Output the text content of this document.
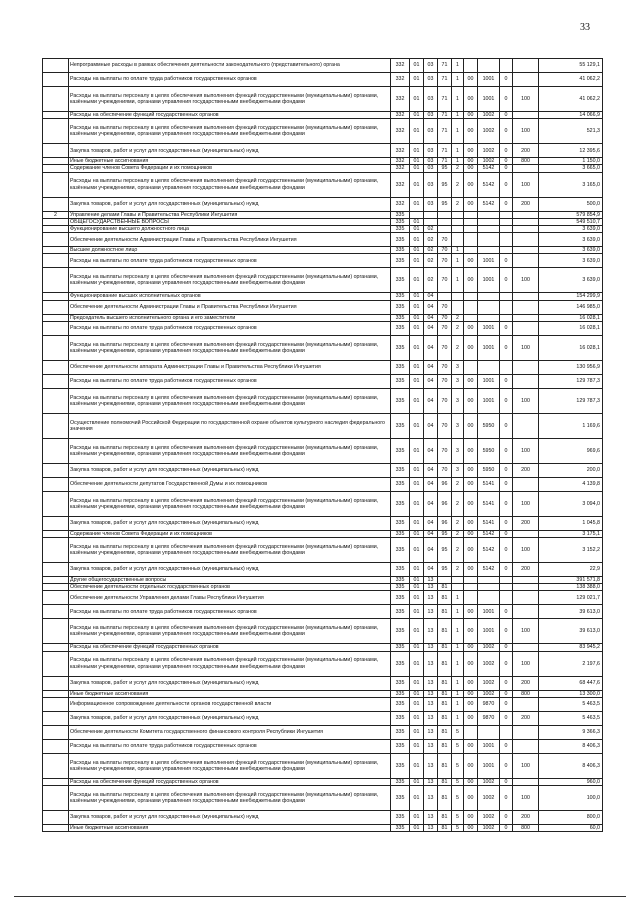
33
	Непрограммные расходы в рамках обеспечения деятельности законодательного (представительного) органа	332	01	03	71	1					55 129,1
	Расходы на выплаты по оплате труда работников государственных органов	332	01	03	71	1	00	1001	0		41 062,2
	Расходы на выплаты персоналу в целях обеспечения выполнения функций государственными (муниципальными) органами, казёнными учреждениями, органами управления государственными внебюджетными фондами	332	01	03	71	1	00	1001	0	100	41 062,2
	Расходы на обеспечение функций государственных органов	332	01	03	71	1	00	1002	0		14 066,9
	Расходы на выплаты персоналу в целях обеспечения выполнения функций государственными (муниципальными) органами, казёнными учреждениями, органами управления государственными внебюджетными фондами	332	01	03	71	1	00	1002	0	100	521,3
	Закупка товаров, работ и услуг для государственных (муниципальных) нужд	332	01	03	71	1	00	1002	0	200	12 395,6
	Иные бюджетные ассигнования	332	01	03	71	1	00	1002	0	800	1 150,0
	Содержание членов Совета Федерации и их помощников	332	01	03	95	2	00	5142	0		3 665,0
	Расходы на выплаты персоналу в целях обеспечения выполнения функций государственными (муниципальными) органами, казёнными учреждениями, органами управления государственными внебюджетными фондами	332	01	03	95	2	00	5142	0	100	3 165,0
	Закупка товаров, работ и услуг для государственных (муниципальных) нужд	332	01	03	95	2	00	5142	0	200	500,0
2	Управление делами Главы и Правительства Республики Ингушетия	335									579 854,9
	ОБЩЕГОСУДАРСТВЕННЫЕ ВОПРОСЫ	335	01								549 510,7
	Функционирование высшего должностного лица	335	01	02							3 639,0
	Обеспечение деятельности Администрации Главы и Правительства Республики Ингушетия	335	01	02	70						3 639,0
	Высшее должностное лицо	335	01	02	70	1					3 639,0
	Расходы на выплаты по оплате труда работников государственных органов	335	01	02	70	1	00	1001	0		3 639,0
	Расходы на выплаты персоналу в целях обеспечения выполнения функций государственными (муниципальными) органами, казёнными учреждениями, органами управления государственными внебюджетными фондами	335	01	02	70	1	00	1001	0	100	3 639,0
	Функционирование высших исполнительных органов	335	01	04							154 299,9
	Обеспечение деятельности Администрации Главы и Правительства Республики Ингушетия	335	01	04	70						146 985,0
	Председатель высшего исполнительного органа и его заместители	335	01	04	70	2					16 028,1
	Расходы на выплаты по оплате труда работников государственных органов	335	01	04	70	2	00	1001	0		16 028,1
	Расходы на выплаты персоналу в целях обеспечения выполнения функций государственными (муниципальными) органами, казёнными учреждениями, органами управления государственными внебюджетными фондами	335	01	04	70	2	00	1001	0	100	16 028,1
	Обеспечение деятельности аппарата Администрации Главы и Правительства Республики Ингушетия	335	01	04	70	3					130 956,9
	Расходы на выплаты по оплате труда работников государственных органов	335	01	04	70	3	00	1001	0		129 787,3
	Расходы на выплаты персоналу в целях обеспечения выполнения функций государственными (муниципальными) органами, казёнными учреждениями, органами управления государственными внебюджетными фондами	335	01	04	70	3	00	1001	0	100	129 787,3
	Осуществление полномочий Российской Федерации по государственной охране объектов культурного наследия федерального значения	335	01	04	70	3	00	5950	0		1 169,6
	Расходы на выплаты персоналу в целях обеспечения выполнения функций государственными (муниципальными) органами, казёнными учреждениями, органами управления государственными внебюджетными фондами	335	01	04	70	3	00	5950	0	100	969,6
	Закупка товаров, работ и услуг для государственных (муниципальных) нужд	335	01	04	70	3	00	5950	0	200	200,0
	Обеспечение деятельности депутатов Государственной Думы и их помощников	335	01	04	96	2	00	5141	0		4 139,8
	Расходы на выплаты персоналу в целях обеспечения выполнения функций государственными (муниципальными) органами, казёнными учреждениями, органами управления государственными внебюджетными фондами	335	01	04	96	2	00	5141	0	100	3 094,0
	Закупка товаров, работ и услуг для государственных (муниципальных) нужд	335	01	04	96	2	00	5141	0	200	1 045,8
	Содержание членов Совета Федерации и их помощников	335	01	04	95	2	00	5142	0		3 175,1
	Расходы на выплаты персоналу в целях обеспечения выполнения функций государственными (муниципальными) органами, казёнными учреждениями, органами управления государственными внебюджетными фондами	335	01	04	95	2	00	5142	0	100	3 152,2
	Закупка товаров, работ и услуг для государственных (муниципальных) нужд	335	01	04	95	2	00	5142	0	200	22,9
	Другие общегосударственные вопросы	335	01	13							391 571,8
	Обеспечение деятельности отдельных государственных органов	335	01	13	81						138 388,0
	Обеспечение деятельности Управления делами Главы Республики Ингушетия	335	01	13	81	1					129 021,7
	Расходы на выплаты по оплате труда работников государственных органов	335	01	13	81	1	00	1001	0		39 613,0
	Расходы на выплаты персоналу в целях обеспечения выполнения функций государственными (муниципальными) органами, казёнными учреждениями, органами управления государственными внебюджетными фондами	335	01	13	81	1	00	1001	0	100	39 613,0
	Расходы на обеспечение функций государственных органов	335	01	13	81	1	00	1002	0		83 945,2
	Расходы на выплаты персоналу в целях обеспечения выполнения функций государственными (муниципальными) органами, казёнными учреждениями, органами управления государственными внебюджетными фондами	335	01	13	81	1	00	1002	0	100	2 197,6
	Закупка товаров, работ и услуг для государственных (муниципальных) нужд	335	01	13	81	1	00	1002	0	200	68 447,6
	Иные бюджетные ассигнования	335	01	13	81	1	00	1002	0	800	13 300,0
	Информационное сопровождение деятельности органов государственной власти	335	01	13	81	1	00	9870	0		5 463,5
	Закупка товаров, работ и услуг для государственных (муниципальных) нужд	335	01	13	81	1	00	9870	0	200	5 463,5
	Обеспечение деятельности Комитета государственного финансового контроля Республики Ингушетия	335	01	13	81	5					9 366,3
	Расходы на выплаты по оплате труда работников государственных органов	335	01	13	81	5	00	1001	0		8 406,3
	Расходы на выплаты персоналу в целях обеспечения выполнения функций государственными (муниципальными) органами, казёнными учреждениями, органами управления государственными внебюджетными фондами	335	01	13	81	5	00	1001	0	100	8 406,3
	Расходы на обеспечение функций государственных органов	335	01	13	81	5	00	1002	0		960,0
	Расходы на выплаты персоналу в целях обеспечения выполнения функций государственными (муниципальными) органами, казёнными учреждениями, органами управления государственными внебюджетными фондами	335	01	13	81	5	00	1002	0	100	100,0
	Закупка товаров, работ и услуг для государственных (муниципальных) нужд	335	01	13	81	5	00	1002	0	200	800,0
	Иные бюджетные ассигнования	335	01	13	81	5	00	1002	0	800	60,0
